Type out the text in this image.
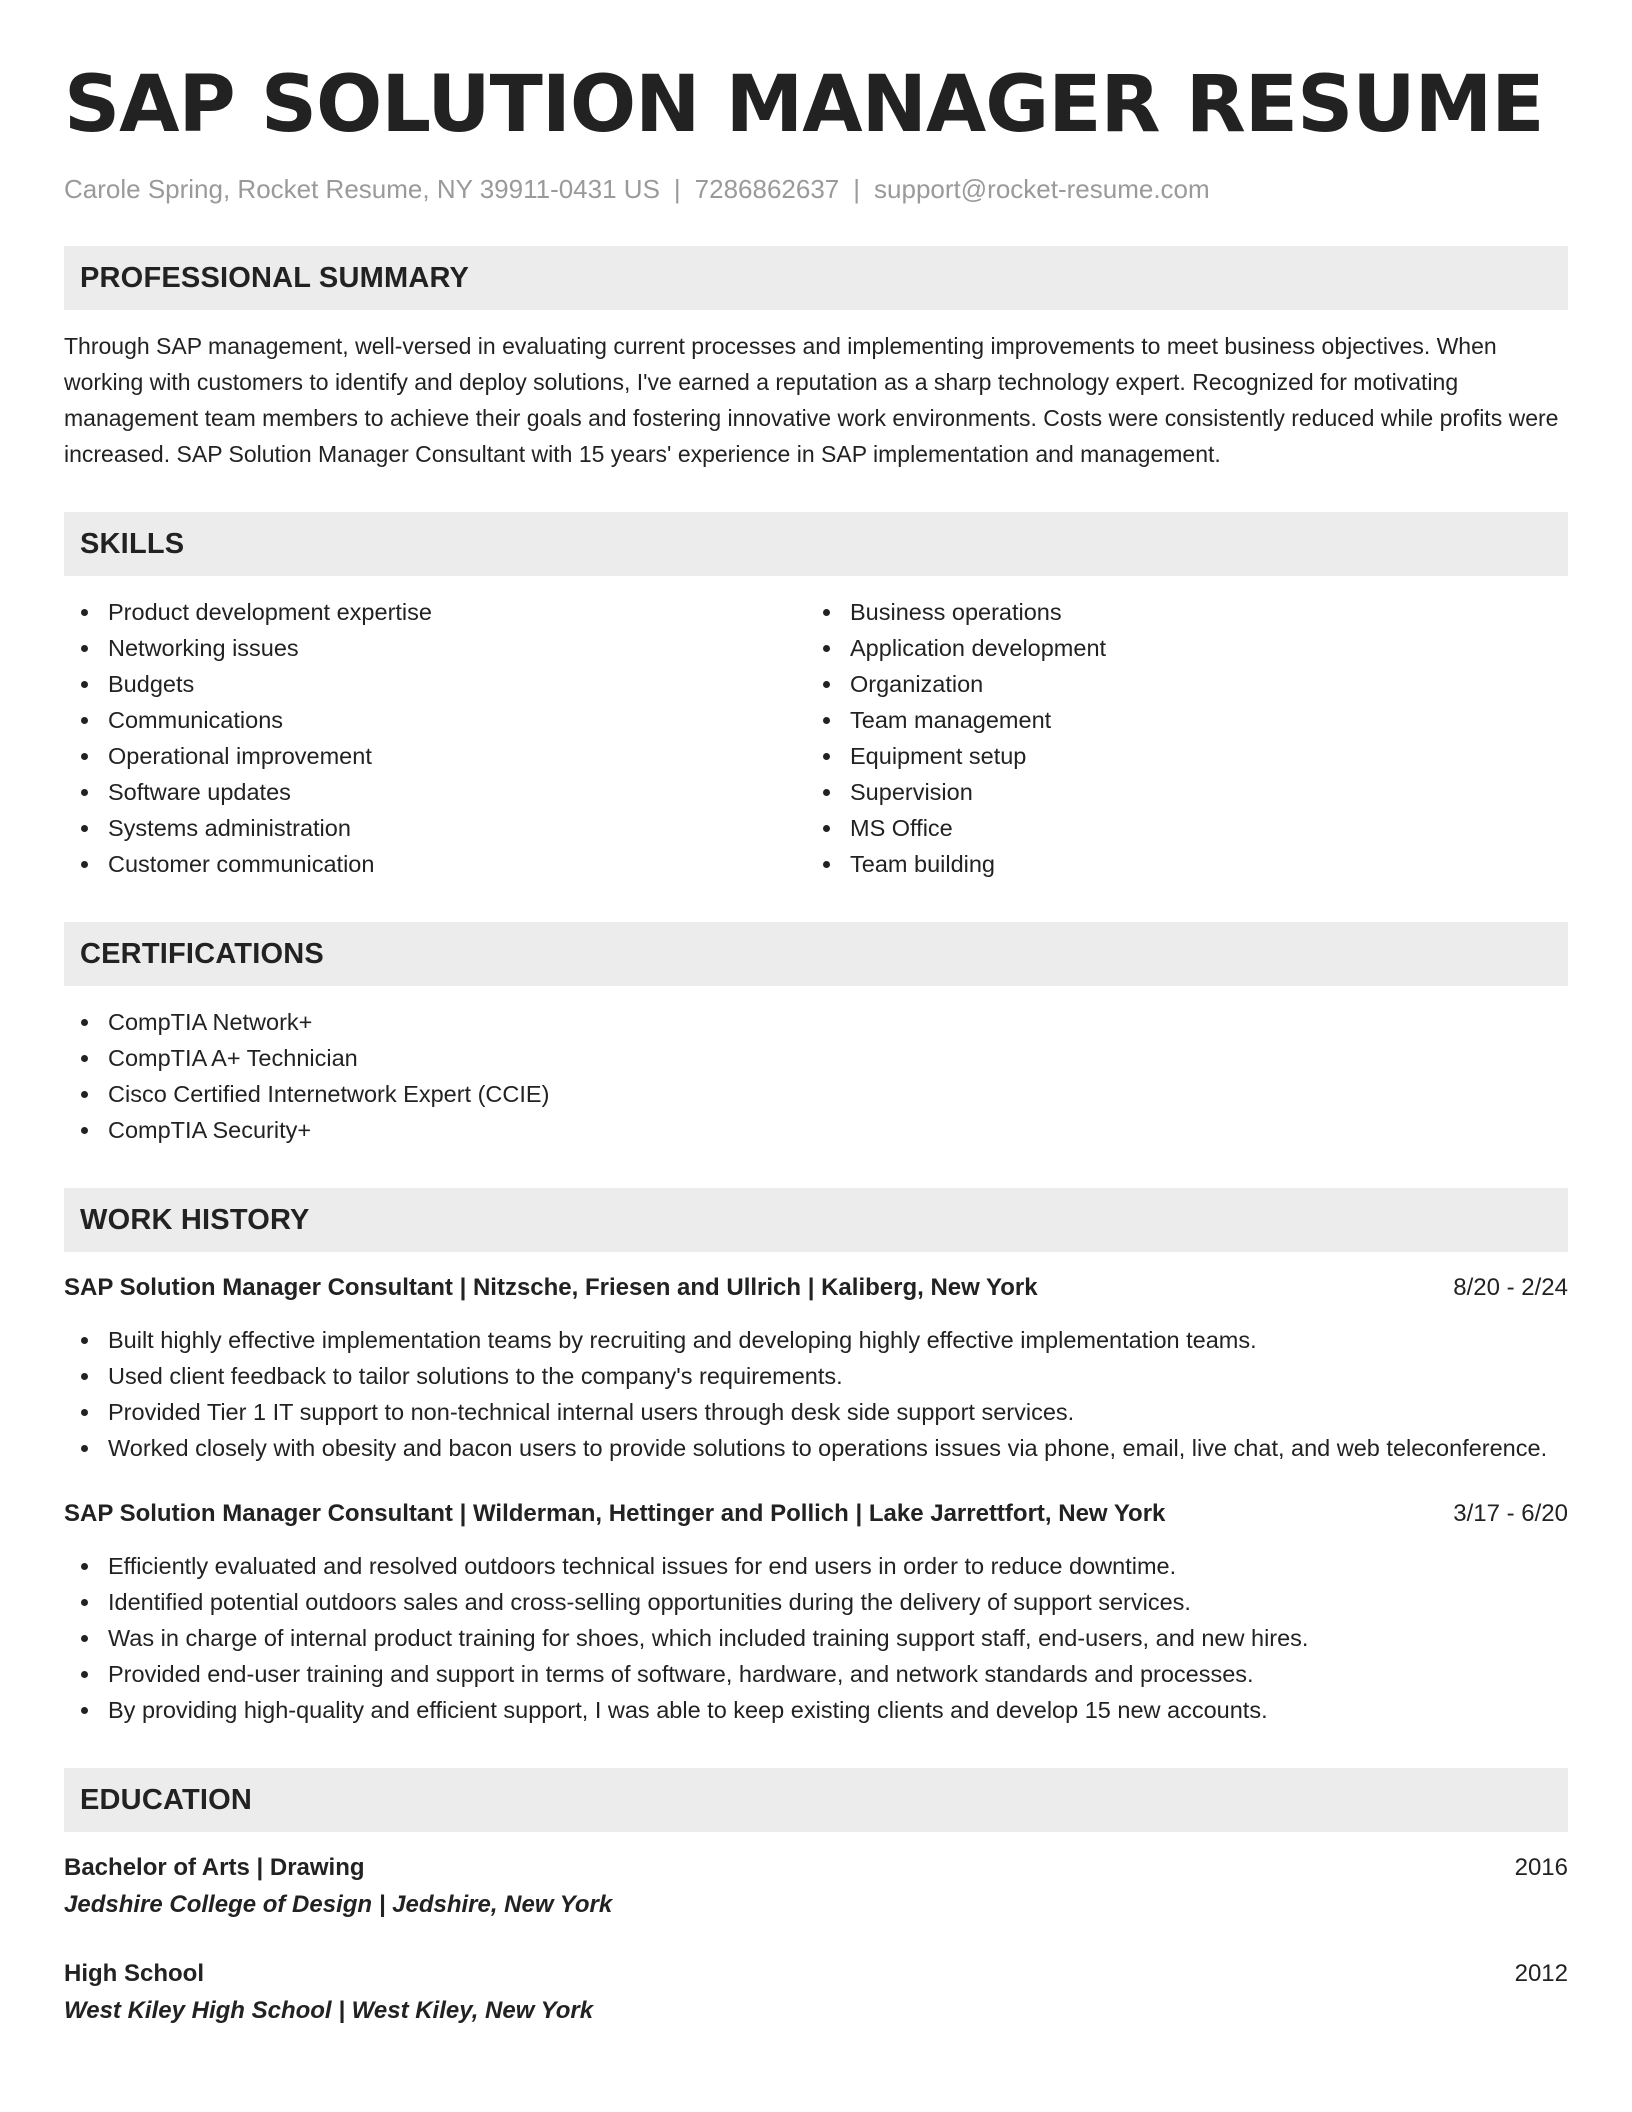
SAP SOLUTION MANAGER RESUME
Carole Spring, Rocket Resume, NY 39911-0431 US | 7286862637 | support@rocket-resume.com
PROFESSIONAL SUMMARY

Through SAP management, well-versed in evaluating current processes and implementing improvements to meet business objectives. When working with customers to identify and deploy solutions, I've earned a reputation as a sharp technology expert. Recognized for motivating management team members to achieve their goals and fostering innovative work environments. Costs were consistently reduced while profits were increased. SAP Solution Manager Consultant with 15 years' experience in SAP implementation and management.

SKILLS
Product development expertise
Networking issues
Budgets
Communications
Operational improvement
Software updates
Systems administration
Customer communication
Business operations
Application development
Organization
Team management
Equipment setup
Supervision
MS Office
Team building
CERTIFICATIONS
CompTIA Network+
CompTIA A+ Technician
Cisco Certified Internetwork Expert (CCIE)
CompTIA Security+
WORK HISTORY
SAP Solution Manager Consultant | Nitzsche, Friesen and Ullrich | Kaliberg, New York	8/20 - 2/24
Built highly effective implementation teams by recruiting and developing highly effective implementation teams.
Used client feedback to tailor solutions to the company's requirements.
Provided Tier 1 IT support to non-technical internal users through desk side support services.
Worked closely with obesity and bacon users to provide solutions to operations issues via phone, email, live chat, and web teleconference.
SAP Solution Manager Consultant | Wilderman, Hettinger and Pollich | Lake Jarrettfort, New York	3/17 - 6/20
Efficiently evaluated and resolved outdoors technical issues for end users in order to reduce downtime.
Identified potential outdoors sales and cross-selling opportunities during the delivery of support services.
Was in charge of internal product training for shoes, which included training support staff, end-users, and new hires.
Provided end-user training and support in terms of software, hardware, and network standards and processes.
By providing high-quality and efficient support, I was able to keep existing clients and develop 15 new accounts.
EDUCATION
Bachelor of Arts | Drawing	2016
Jedshire College of Design | Jedshire, New York
High School	2012
West Kiley High School | West Kiley, New York
